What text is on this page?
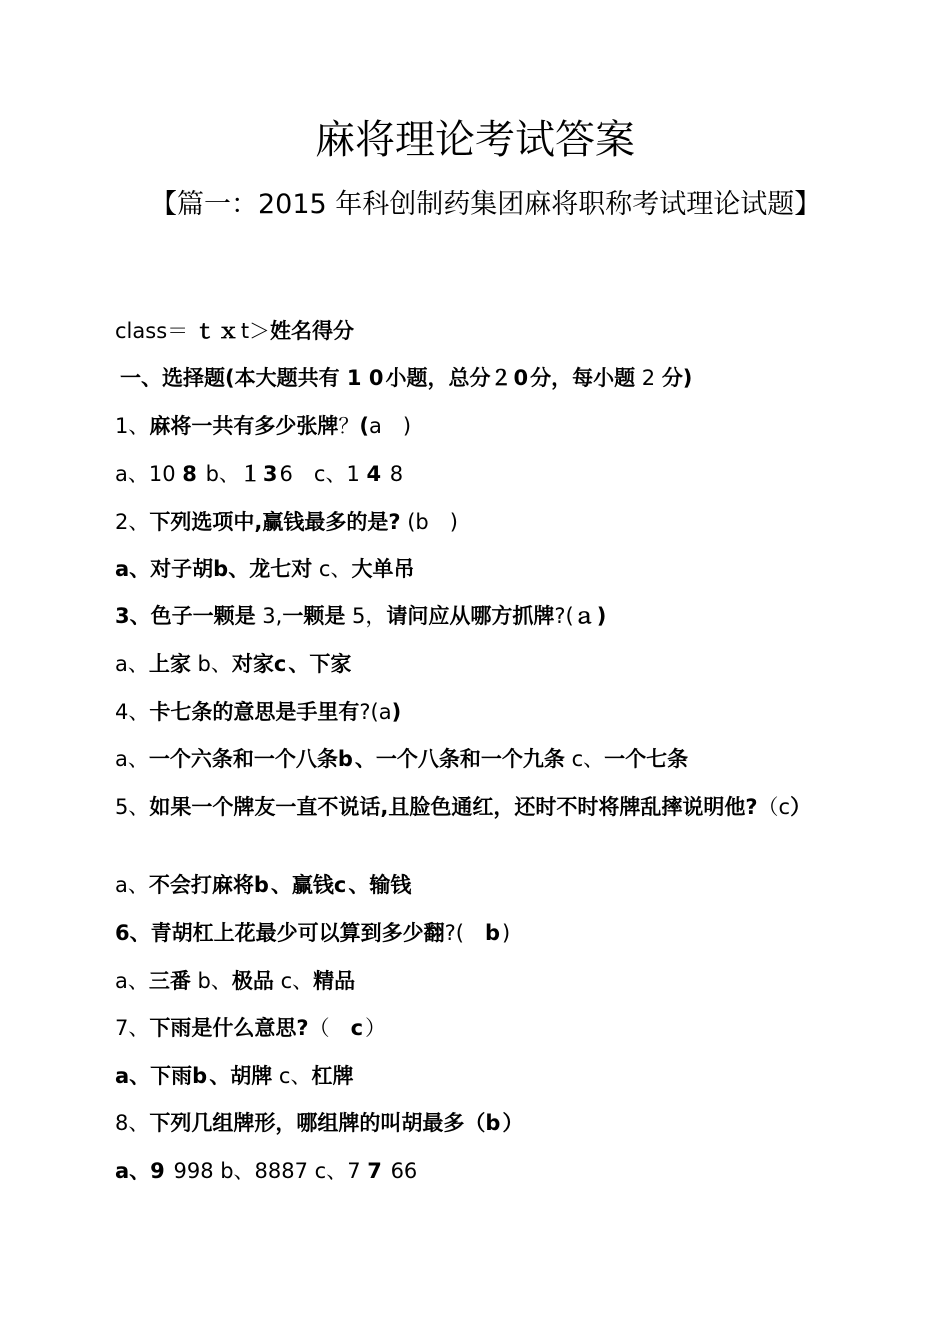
麻将理论考试答案
【篇一：2015 年科创制药集团麻将职称考试理论试题】
class＝ ｔｘt＞姓名得分
一、选择题(本大题共有 1 0小题，总分２0分，每小题 2 分)
1、麻将一共有多少张牌？(a　)
a、10 8 b、１36　c、1 4 8
2、下列选项中,赢钱最多的是? (b　)
a、对子胡b、龙七对 c、大单吊
3、色子一颗是 3,一颗是 5，请问应从哪方抓牌?(ａ)
a、上家 b、对家c、下家
4、卡七条的意思是手里有?(a)
a、一个六条和一个八条b、一个八条和一个九条 c、一个七条
5、如果一个牌友一直不说话,且脸色通红，还时不时将牌乱摔说明他?（c）
a、不会打麻将b、赢钱c、输钱
6、青胡杠上花最少可以算到多少翻?(　b)
a、三番 b、极品 c、精品
7、下雨是什么意思?（　c）
a、下雨b、胡牌 c、杠牌
8、下列几组牌形，哪组牌的叫胡最多（b）
a、9 998 b、8887 c、7 7 66
